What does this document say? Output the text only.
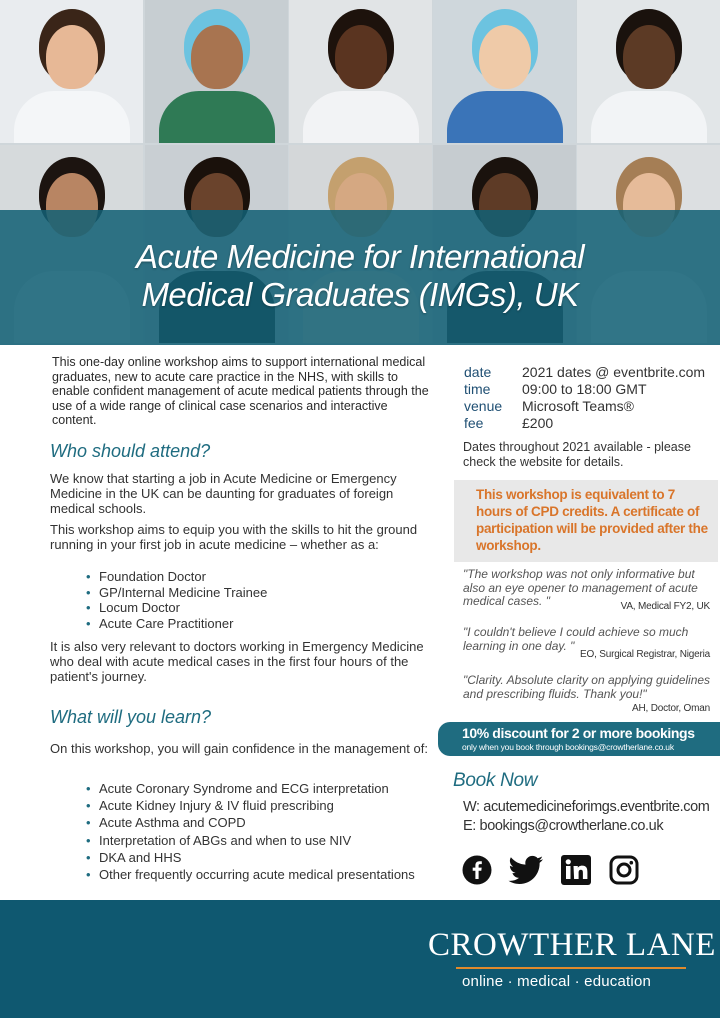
Acute Medicine for International
Medical Graduates (IMGs), UK
This one-day online workshop aims to support international medical graduates, new to acute care practice in the NHS, with skills to enable confident management of acute medical patients through the use of a wide range of clinical case scenarios and interactive content.
Who should attend?
We know that starting a job in Acute Medicine or Emergency Medicine in the UK can be daunting for graduates of foreign medical schools.
This workshop aims to equip you with the skills to hit the ground running in your first job in acute medicine – whether as a:
• Foundation Doctor
• GP/Internal Medicine Trainee
• Locum Doctor
• Acute Care Practitioner
It is also very relevant to doctors working in Emergency Medicine who deal with acute medical cases in the first four hours of the patient's journey.
What will you learn?
On this workshop, you will gain confidence in the management of:
• Acute Coronary Syndrome and ECG interpretation
• Acute Kidney Injury & IV fluid prescribing
• Acute Asthma and COPD
• Interpretation of ABGs and when to use NIV
• DKA and HHS
• Other frequently occurring acute medical presentations
date	2021 dates @ eventbrite.com
time	09:00 to 18:00 GMT
venue	Microsoft Teams®
fee	£200
Dates throughout 2021 available - please check the website for details.
This workshop is equivalent to 7 hours of CPD credits. A certificate of participation will be provided after the workshop.
"The workshop was not only informative but also an eye opener to management of acute medical cases. "	VA, Medical FY2, UK
"I couldn't believe I could achieve so much learning in one day. "
EO, Surgical Registrar, Nigeria
"Clarity. Absolute clarity on applying guidelines and prescribing fluids. Thank you!"
AH, Doctor, Oman
10% discount for 2 or more bookings
only when you book through bookings@crowtherlane.co.uk
Book Now
W: acutemedicineforimgs.eventbrite.com
E: bookings@crowtherlane.co.uk
CROWTHER LANE
online · medical · education
